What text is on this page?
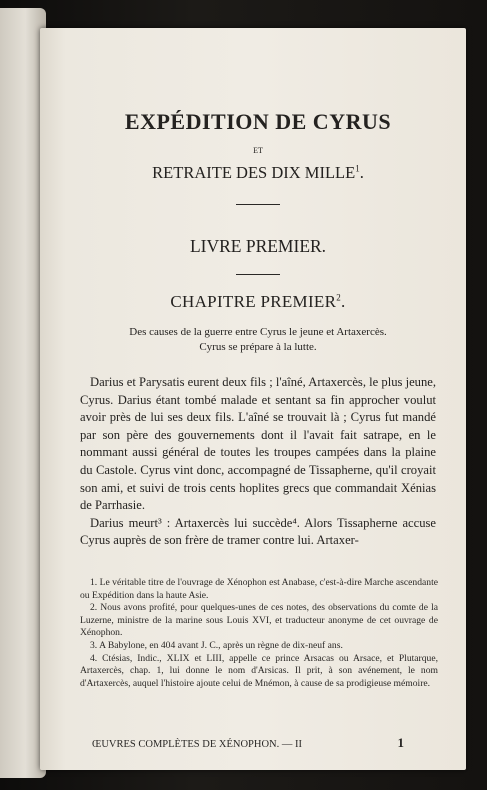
EXPÉDITION DE CYRUS
ET
RETRAITE DES DIX MILLE$^1$.
LIVRE PREMIER.
CHAPITRE PREMIER$^2$.
Des causes de la guerre entre Cyrus le jeune et Artaxercès.
Cyrus se prépare à la lutte.

Darius et Parysatis eurent deux fils ; l'aîné, Artaxercès, le plus jeune, Cyrus. Darius étant tombé malade et sentant sa fin approcher voulut avoir près de lui ses deux fils. L'aîné se trouvait là ; Cyrus fut mandé par son père des gouvernements dont il l'avait fait satrape, en le nommant aussi général de toutes les troupes campées dans la plaine du Castole. Cyrus vint donc, accompagné de Tissapherne, qu'il croyait son ami, et suivi de trois cents hoplites grecs que commandait Xénias de Parrhasie.

Darius meurt³ : Artaxercès lui succède⁴. Alors Tissapherne accuse Cyrus auprès de son frère de tramer contre lui. Artaxer-

1. Le véritable titre de l'ouvrage de Xénophon est Anabase, c'est-à-dire Marche ascendante ou Expédition dans la haute Asie.

2. Nous avons profité, pour quelques-unes de ces notes, des observations du comte de la Luzerne, ministre de la marine sous Louis XVI, et traducteur anonyme de cet ouvrage de Xénophon.

3. A Babylone, en 404 avant J. C., après un règne de dix-neuf ans.

4. Ctésias, Indic., XLIX et LIII, appelle ce prince Arsacas ou Arsace, et Plutarque, Artaxercès, chap. 1, lui donne le nom d'Arsicas. Il prit, à son avénement, le nom d'Artaxercès, auquel l'histoire ajoute celui de Mnémon, à cause de sa prodigieuse mémoire.

ŒUVRES COMPLÈTES DE XÉNOPHON. — II	1
